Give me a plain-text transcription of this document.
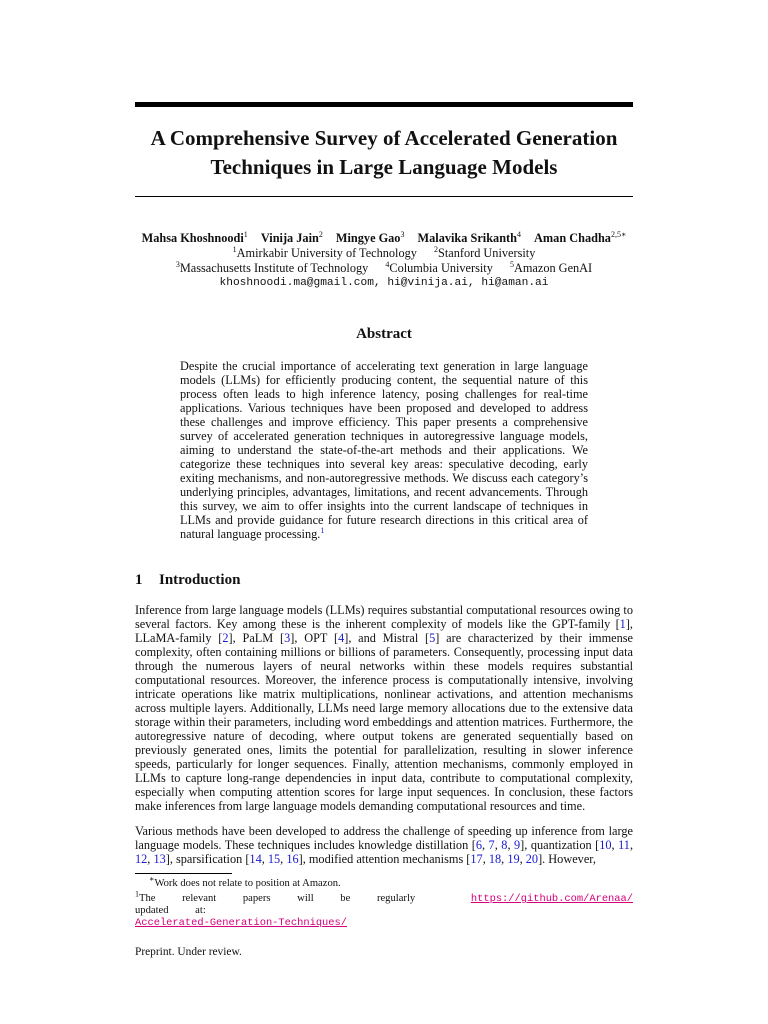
A Comprehensive Survey of Accelerated Generation
Techniques in Large Language Models
Mahsa Khoshnoodi$^1$ Vinija Jain$^2$ Mingye Gao$^3$ Malavika Srikanth$^4$ Aman Chadha$^{2,5∗}$
$^1$Amirkabir University of Technology $^2$Stanford University
$^3$Massachusetts Institute of Technology $^4$Columbia University $^5$Amazon GenAI
khoshnoodi.ma@gmail.com, hi@vinija.ai, hi@aman.ai
Abstract

Despite the crucial importance of accelerating text generation in large language models (LLMs) for efficiently producing content, the sequential nature of this process often leads to high inference latency, posing challenges for real-time applications. Various techniques have been proposed and developed to address these challenges and improve efficiency. This paper presents a comprehensive survey of accelerated generation techniques in autoregressive language models, aiming to understand the state-of-the-art methods and their applications. We categorize these techniques into several key areas: speculative decoding, early exiting mechanisms, and non-autoregressive methods. We discuss each category’s underlying principles, advantages, limitations, and recent advancements. Through this survey, we aim to offer insights into the current landscape of techniques in LLMs and provide guidance for future research directions in this critical area of natural language processing.$^1$

1 Introduction

Inference from large language models (LLMs) requires substantial computational resources owing to several factors. Key among these is the inherent complexity of models like the GPT-family [1], LLaMA-family [2], PaLM [3], OPT [4], and Mistral [5] are characterized by their immense complexity, often containing millions or billions of parameters. Consequently, processing input data through the numerous layers of neural networks within these models requires substantial computational resources. Moreover, the inference process is computationally intensive, involving intricate operations like matrix multiplications, nonlinear activations, and attention mechanisms across multiple layers. Additionally, LLMs need large memory allocations due to the extensive data storage within their parameters, including word embeddings and attention matrices. Furthermore, the autoregressive nature of decoding, where output tokens are generated sequentially based on previously generated ones, limits the potential for parallelization, resulting in slower inference speeds, particularly for longer sequences. Finally, attention mechanisms, commonly employed in LLMs to capture long-range dependencies in input data, contribute to computational complexity, especially when computing attention scores for large input sequences. In conclusion, these factors make inferences from large language models demanding computational resources and time.

Various methods have been developed to address the challenge of speeding up inference from large language models. These techniques includes knowledge distillation [6, 7, 8, 9], quantization [10, 11, 12, 13], sparsification [14, 15, 16], modified attention mechanisms [17, 18, 19, 20]. However,

∗Work does not relate to position at Amazon.

$^1$The relevant papers will be regularly updated at:
https://github.com/Arenaa/
Accelerated-Generation-Techniques/

Preprint. Under review.
